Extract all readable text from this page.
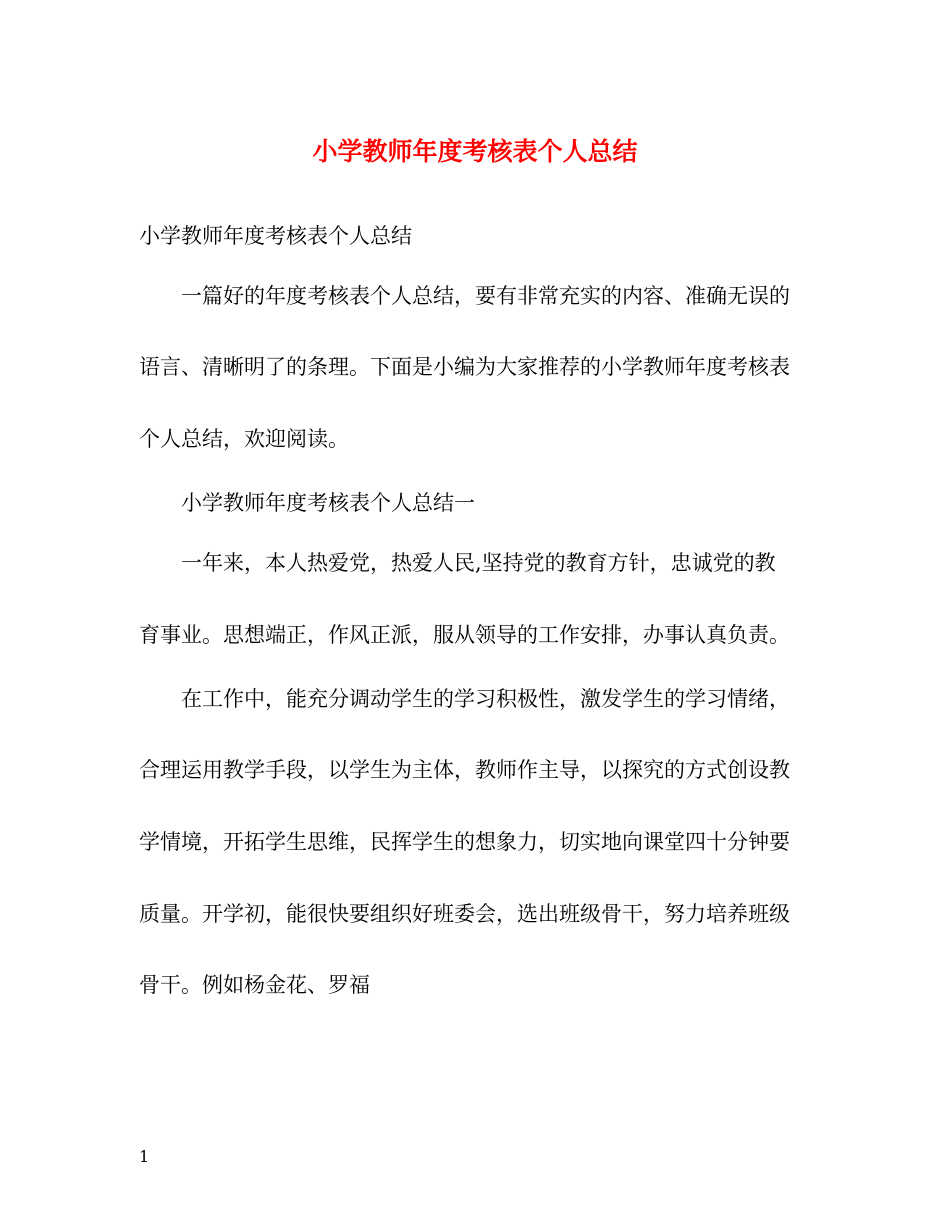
小学教师年度考核表个人总结
小学教师年度考核表个人总结
一篇好的年度考核表个人总结，要有非常充实的内容、准确无误的
语言、清晰明了的条理。下面是小编为大家推荐的小学教师年度考核表
个人总结，欢迎阅读。
小学教师年度考核表个人总结一
一年来，本人热爱党，热爱人民,坚持党的教育方针，忠诚党的教
育事业。思想端正，作风正派，服从领导的工作安排，办事认真负责。
在工作中，能充分调动学生的学习积极性，激发学生的学习情绪，
合理运用教学手段，以学生为主体，教师作主导，以探究的方式创设教
学情境，开拓学生思维，民挥学生的想象力，切实地向课堂四十分钟要
质量。开学初，能很快要组织好班委会，选出班级骨干，努力培养班级
骨干。例如杨金花、罗福
1
